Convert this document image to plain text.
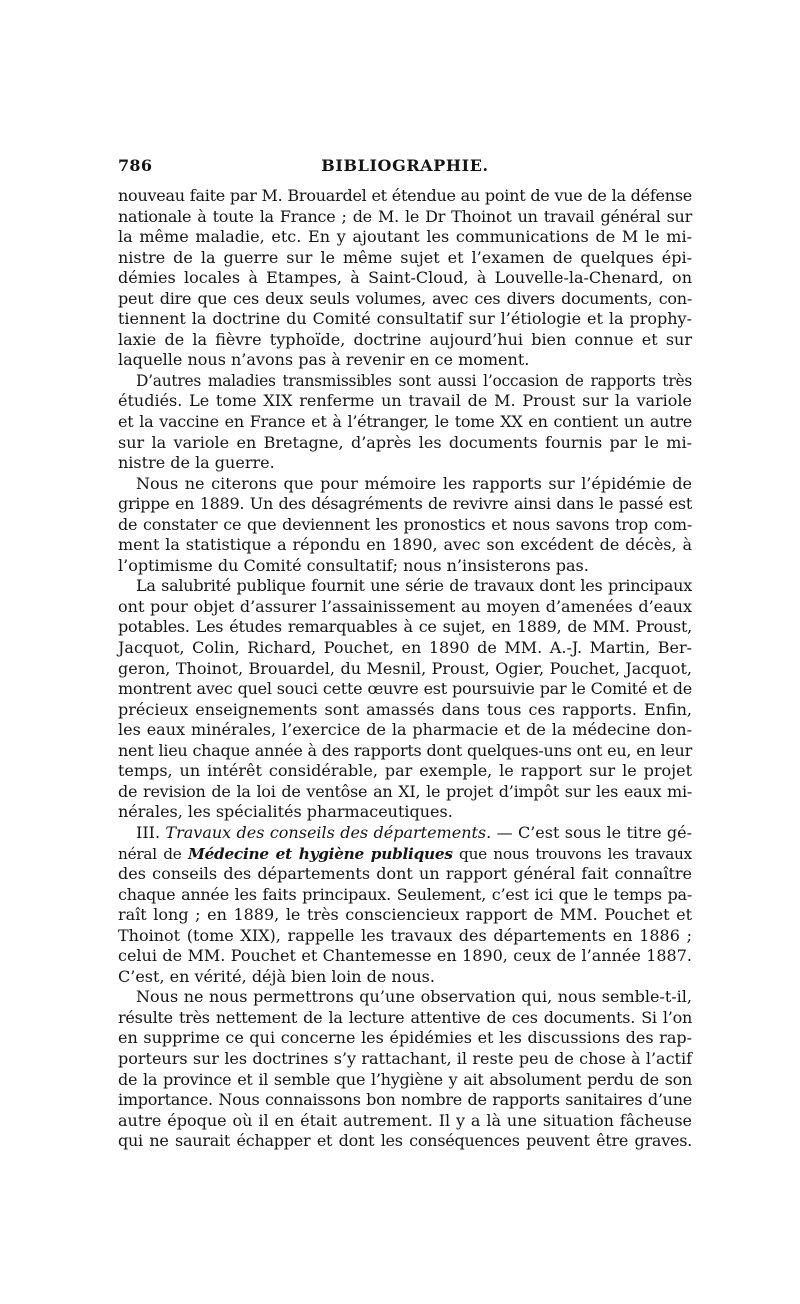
786	BIBLIOGRAPHIE.
nouveau faite par M. Brouardel et étendue au point de vue de la défense
nationale à toute la France ; de M. le Dr Thoinot un travail général sur
la même maladie, etc. En y ajoutant les communications de M le mi-
nistre de la guerre sur le même sujet et l’examen de quelques épi-
démies locales à Etampes, à Saint-Cloud, à Louvelle-la-Chenard, on
peut dire que ces deux seuls volumes, avec ces divers documents, con-
tiennent la doctrine du Comité consultatif sur l’étiologie et la prophy-
laxie de la fièvre typhoïde, doctrine aujourd’hui bien connue et sur
laquelle nous n’avons pas à revenir en ce moment.
D’autres maladies transmissibles sont aussi l’occasion de rapports très
étudiés. Le tome XIX renferme un travail de M. Proust sur la variole
et la vaccine en France et à l’étranger, le tome XX en contient un autre
sur la variole en Bretagne, d’après les documents fournis par le mi-
nistre de la guerre.
Nous ne citerons que pour mémoire les rapports sur l’épidémie de
grippe en 1889. Un des désagréments de revivre ainsi dans le passé est
de constater ce que deviennent les pronostics et nous savons trop com-
ment la statistique a répondu en 1890, avec son excédent de décès, à
l’optimisme du Comité consultatif; nous n’insisterons pas.
La salubrité publique fournit une série de travaux dont les principaux
ont pour objet d’assurer l’assainissement au moyen d’amenées d’eaux
potables. Les études remarquables à ce sujet, en 1889, de MM. Proust,
Jacquot, Colin, Richard, Pouchet, en 1890 de MM. A.-J. Martin, Ber-
geron, Thoinot, Brouardel, du Mesnil, Proust, Ogier, Pouchet, Jacquot,
montrent avec quel souci cette œuvre est poursuivie par le Comité et de
précieux enseignements sont amassés dans tous ces rapports. Enfin,
les eaux minérales, l’exercice de la pharmacie et de la médecine don-
nent lieu chaque année à des rapports dont quelques-uns ont eu, en leur
temps, un intérêt considérable, par exemple, le rapport sur le projet
de revision de la loi de ventôse an XI, le projet d’impôt sur les eaux mi-
nérales, les spécialités pharmaceutiques.
III. Travaux des conseils des départements. — C’est sous le titre gé-
néral de Médecine et hygiène publiques que nous trouvons les travaux
des conseils des départements dont un rapport général fait connaître
chaque année les faits principaux. Seulement, c’est ici que le temps pa-
raît long ; en 1889, le très consciencieux rapport de MM. Pouchet et
Thoinot (tome XIX), rappelle les travaux des départements en 1886 ;
celui de MM. Pouchet et Chantemesse en 1890, ceux de l’année 1887.
C’est, en vérité, déjà bien loin de nous.
Nous ne nous permettrons qu’une observation qui, nous semble-t-il,
résulte très nettement de la lecture attentive de ces documents. Si l’on
en supprime ce qui concerne les épidémies et les discussions des rap-
porteurs sur les doctrines s’y rattachant, il reste peu de chose à l’actif
de la province et il semble que l’hygiène y ait absolument perdu de son
importance. Nous connaissons bon nombre de rapports sanitaires d’une
autre époque où il en était autrement. Il y a là une situation fâcheuse
qui ne saurait échapper et dont les conséquences peuvent être graves.
